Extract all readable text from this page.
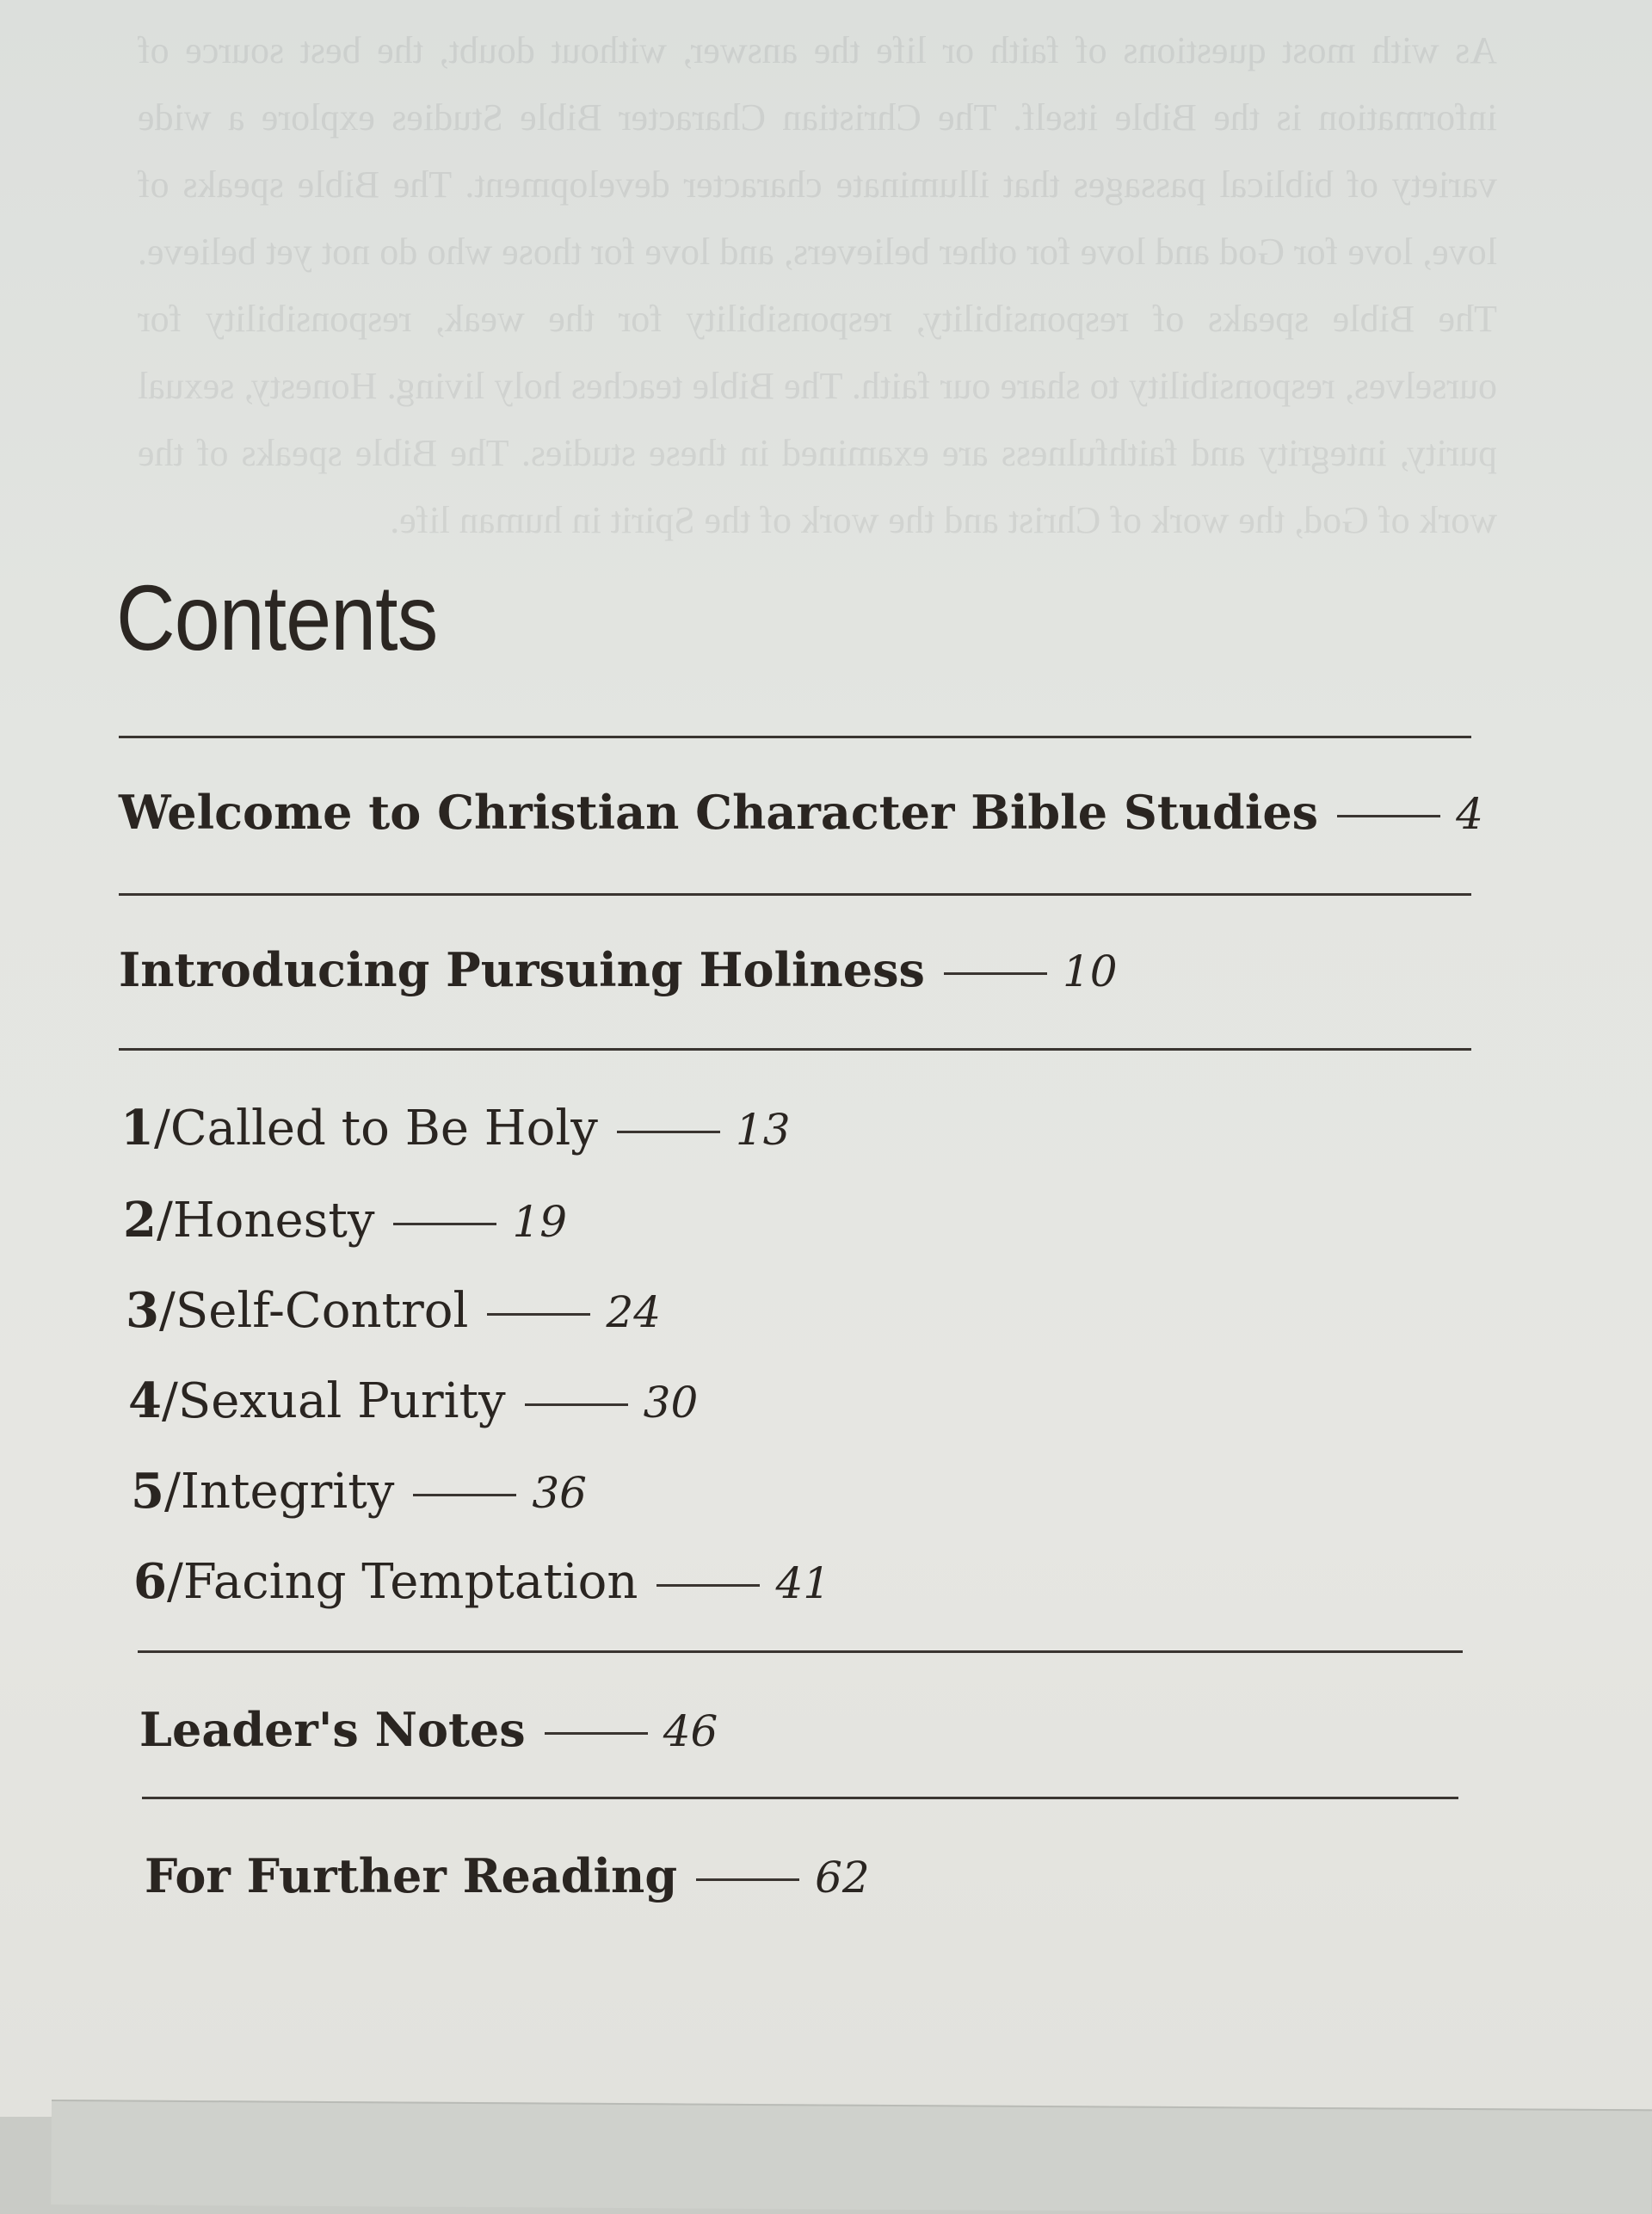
As with most questions of faith or life the answer, without doubt, the best source of information is the Bible itself. The Christian Character Bible Studies explore a wide variety of biblical passages that illuminate character development. The Bible speaks of love, love for God and love for other believers, and love for those who do not yet believe. The Bible speaks of responsibility, responsibility for the weak, responsibility for ourselves, responsibility to share our faith. The Bible teaches holy living. Honesty, sexual purity, integrity and faithfulness are examined in these studies. The Bible speaks of the work of God, the work of Christ and the work of the Spirit in human life.
Contents
Welcome to Christian Character Bible Studies	4
Introducing Pursuing Holiness	10
1/Called to Be Holy	13
2/Honesty	19
3/Self-Control	24
4/Sexual Purity	30
5/Integrity	36
6/Facing Temptation	41
Leader's Notes	46
For Further Reading	62
